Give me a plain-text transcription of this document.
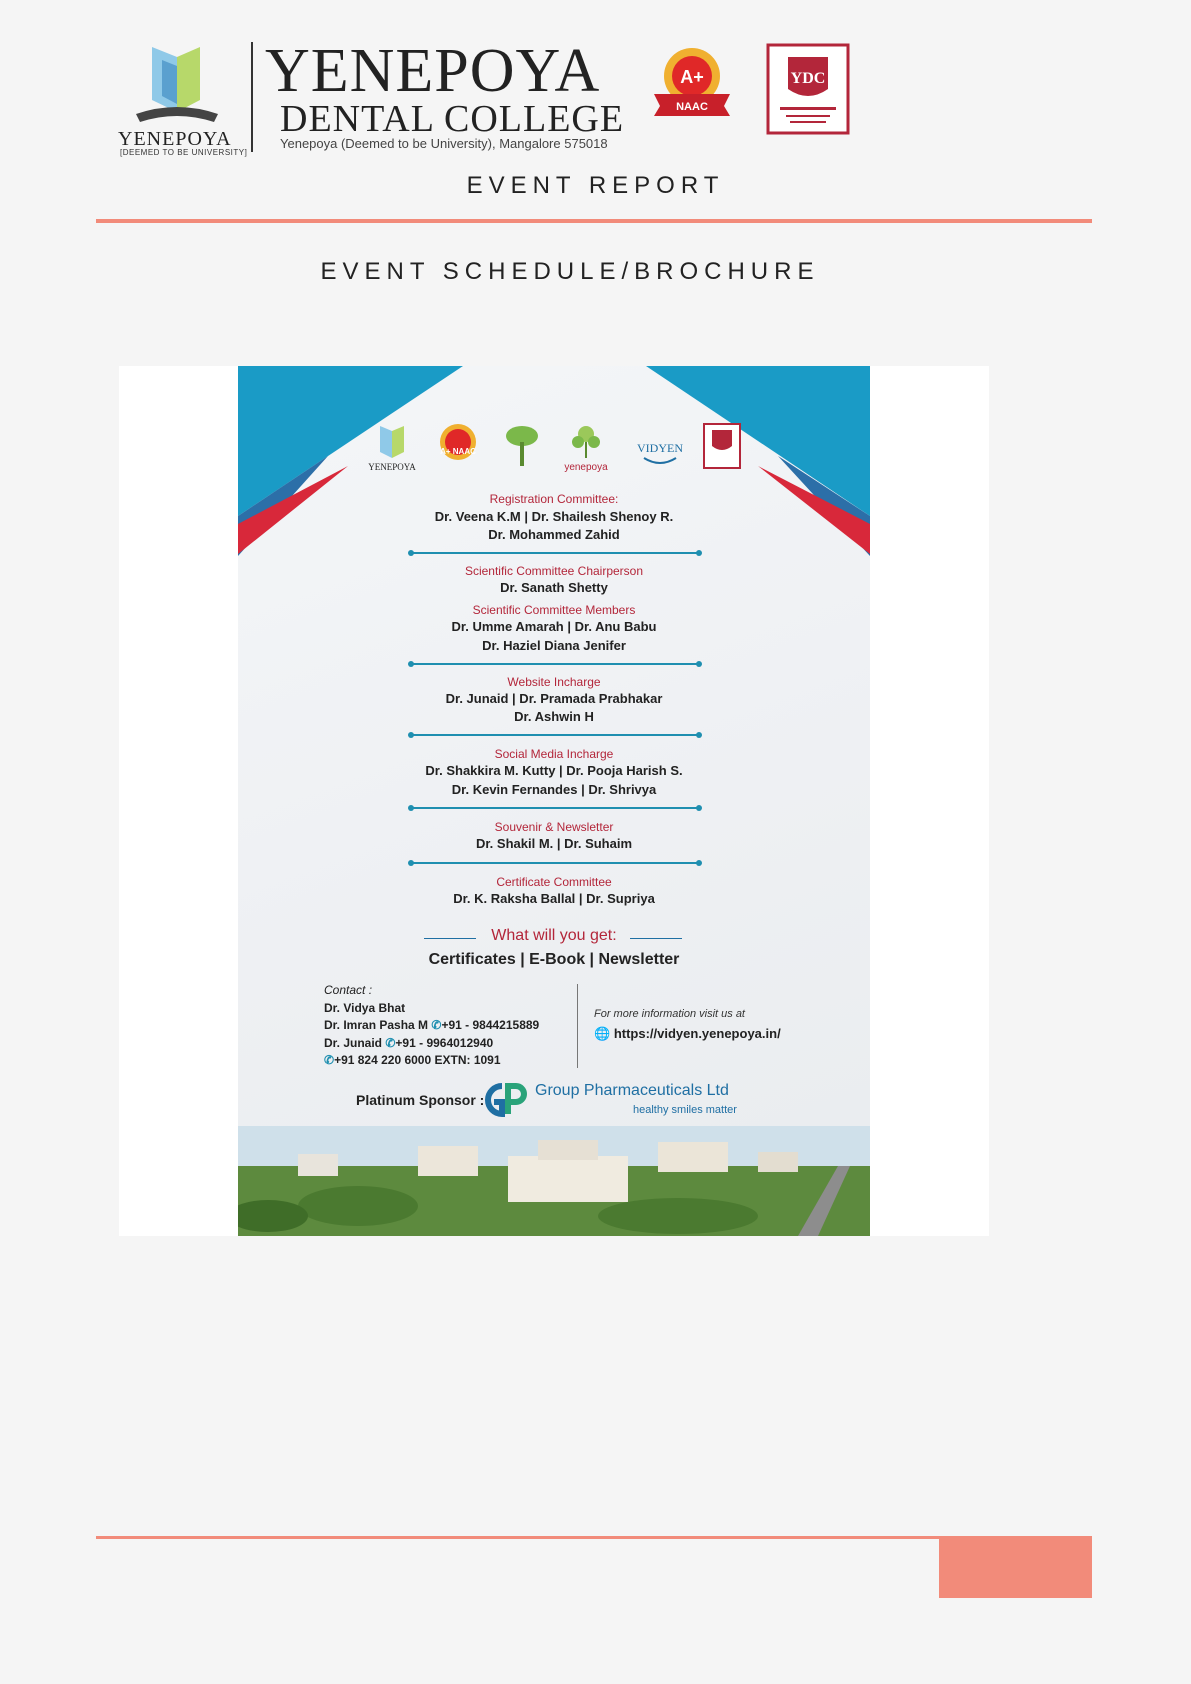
YENEPOYA
[DEEMED TO BE UNIVERSITY]
YENEPOYA
DENTAL COLLEGE
Yenepoya (Deemed to be University), Mangalore 575018
A+
NAAC
YDC
EVENT REPORT
EVENT SCHEDULE/BROCHURE
YENEPOYA
A+ NAAC
yenepoya
VIDYEN
Registration Committee:
Dr. Veena K.M | Dr. Shailesh Shenoy R.
Dr. Mohammed Zahid
Scientific Committee Chairperson
Dr. Sanath Shetty
Scientific Committee Members
Dr. Umme Amarah | Dr. Anu Babu
Dr. Haziel Diana Jenifer
Website Incharge
Dr. Junaid | Dr. Pramada Prabhakar
Dr. Ashwin H
Social Media Incharge
Dr. Shakkira M. Kutty | Dr. Pooja Harish S.
Dr. Kevin Fernandes | Dr. Shrivya
Souvenir & Newsletter
Dr. Shakil M. | Dr. Suhaim
Certificate Committee
Dr. K. Raksha Ballal | Dr. Supriya
What will you get:
Certificates | E-Book | Newsletter
Contact :
Dr. Vidya Bhat
Dr. Imran Pasha M ✆+91 - 9844215889
Dr. Junaid ✆+91 - 9964012940
✆+91 824 220 6000 EXTN: 1091
For more information visit us at
🌐 https://vidyen.yenepoya.in/
Platinum Sponsor :
Group Pharmaceuticals Ltd
healthy smiles matter
